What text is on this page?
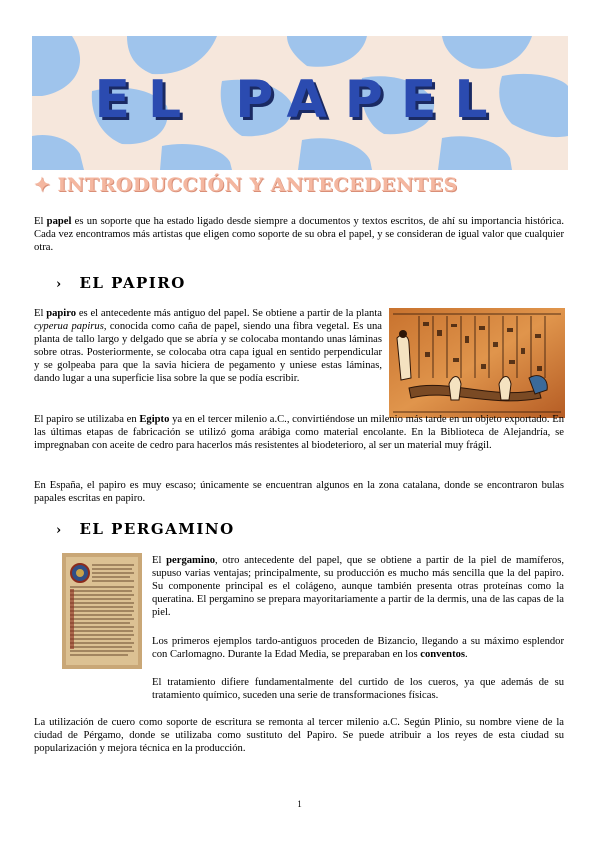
EL PAPEL
✦ INTRODUCCIÓN Y ANTECEDENTES

El papel es un soporte que ha estado ligado desde siempre a documentos y textos escritos, de ahí su importancia histórica. Cada vez encontramos más artistas que eligen como soporte de su obra el papel, y se consideran de igual valor que cualquier otra.

› EL PAPIRO

El papiro es el antecedente más antiguo del papel. Se obtiene a partir de la planta cyperua papirus, conocida como caña de papel, siendo una fibra vegetal. Es una planta de tallo largo y delgado que se abría y se colocaba montando unas láminas sobre otras. Posteriormente, se colocaba otra capa igual en sentido perpendicular y se golpeaba para que la savia hiciera de pegamento y uniese estas láminas, dando lugar a una superficie lisa sobre la que se podía escribir.

El papiro se utilizaba en Egipto ya en el tercer milenio a.C., convirtiéndose un milenio más tarde en un objeto exportado. En las últimas etapas de fabricación se utilizó goma arábiga como material encolante. En la Biblioteca de Alejandría, se impregnaban con aceite de cedro para hacerlos más resistentes al biodeterioro, al ser un material muy frágil.

En España, el papiro es muy escaso; únicamente se encuentran algunos en la zona catalana, donde se encontraron bulas papales escritas en papiro.

› EL PERGAMINO

El pergamino, otro antecedente del papel, que se obtiene a partir de la piel de mamíferos, supuso varias ventajas; principalmente, su producción es mucho más sencilla que la del papiro. Su componente principal es el colágeno, aunque también presenta otras proteínas como la queratina. El pergamino se prepara mayoritariamente a partir de la dermis, una de las capas de la piel.

Los primeros ejemplos tardo-antiguos proceden de Bizancio, llegando a su máximo esplendor con Carlomagno. Durante la Edad Media, se preparaban en los conventos.

El tratamiento difiere fundamentalmente del curtido de los cueros, ya que además de su tratamiento químico, suceden una serie de transformaciones físicas.

La utilización de cuero como soporte de escritura se remonta al tercer milenio a.C. Según Plinio, su nombre viene de la ciudad de Pérgamo, donde se utilizaba como sustituto del Papiro. Se puede atribuir a los reyes de esta ciudad su popularización y mejora técnica en la producción.

1
